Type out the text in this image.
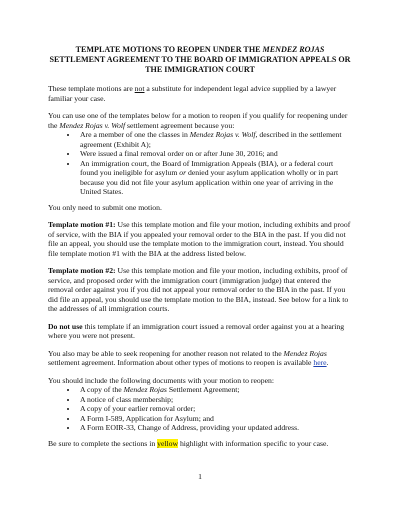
TEMPLATE MOTIONS TO REOPEN UNDER THE MENDEZ ROJAS
SETTLEMENT AGREEMENT TO THE BOARD OF IMMIGRATION APPEALS OR
THE IMMIGRATION COURT

These template motions are not a substitute for independent legal advice supplied by a lawyer familiar your case.

You can use one of the templates below for a motion to reopen if you qualify for reopening under the Mendez Rojas v. Wolf settlement agreement because you:

• Are a member of one the classes in Mendez Rojas v. Wolf, described in the settlement agreement (Exhibit A);
• Were issued a final removal order on or after June 30, 2016; and
• An immigration court, the Board of Immigration Appeals (BIA), or a federal court found you ineligible for asylum or denied your asylum application wholly or in part because you did not file your asylum application within one year of arriving in the United States.

You only need to submit one motion.

Template motion #1: Use this template motion and file your motion, including exhibits and proof of service, with the BIA if you appealed your removal order to the BIA in the past. If you did not file an appeal, you should use the template motion to the immigration court, instead. You should file template motion #1 with the BIA at the address listed below.

Template motion #2: Use this template motion and file your motion, including exhibits, proof of service, and proposed order with the immigration court (immigration judge) that entered the removal order against you if you did not appeal your removal order to the BIA in the past. If you did file an appeal, you should use the template motion to the BIA, instead. See below for a link to the addresses of all immigration courts.

Do not use this template if an immigration court issued a removal order against you at a hearing where you were not present.

You also may be able to seek reopening for another reason not related to the Mendez Rojas settlement agreement. Information about other types of motions to reopen is available here.

You should include the following documents with your motion to reopen:

• A copy of the Mendez Rojas Settlement Agreement;
• A notice of class membership;
• A copy of your earlier removal order;
• A Form I-589, Application for Asylum; and
• A Form EOIR-33, Change of Address, providing your updated address.

Be sure to complete the sections in yellow highlight with information specific to your case.

1
